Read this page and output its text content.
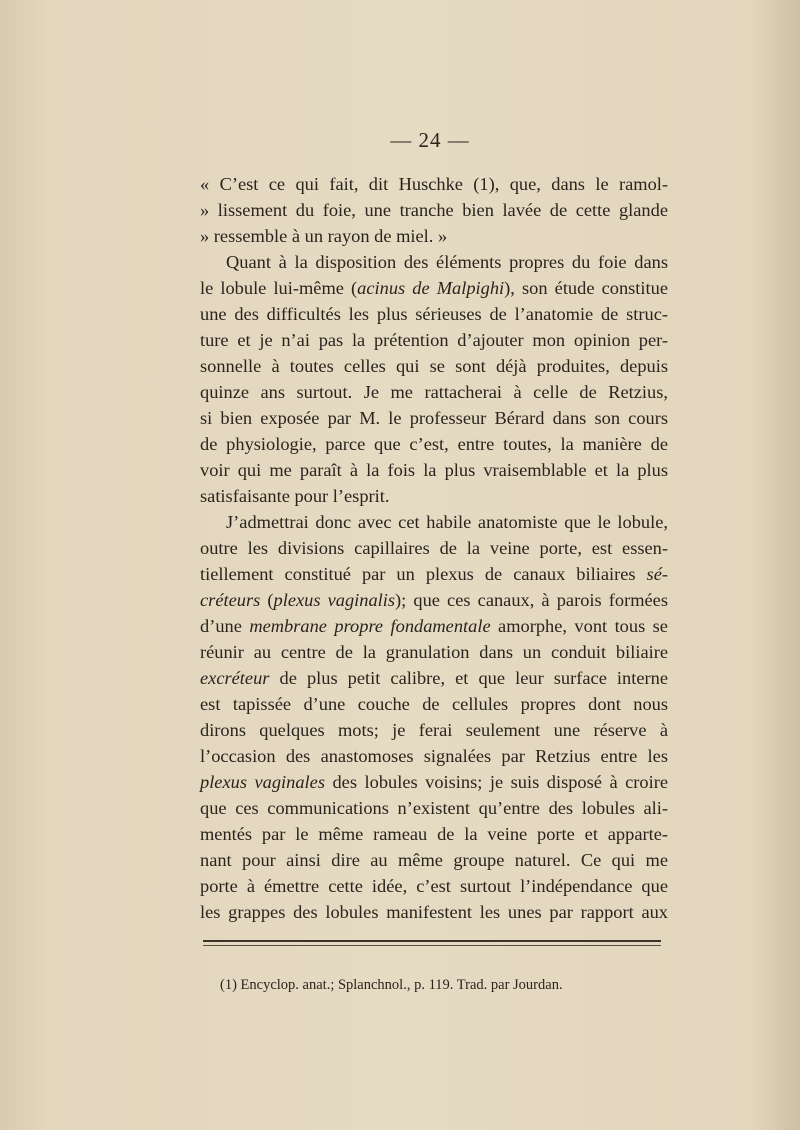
— 24 —
« C’est ce qui fait, dit Huschke (1), que, dans le ramol-
» lissement du foie, une tranche bien lavée de cette glande
» ressemble à un rayon de miel. »
Quant à la disposition des éléments propres du foie dans
le lobule lui-même (acinus de Malpighi), son étude constitue
une des difficultés les plus sérieuses de l’anatomie de struc-
ture et je n’ai pas la prétention d’ajouter mon opinion per-
sonnelle à toutes celles qui se sont déjà produites, depuis
quinze ans surtout. Je me rattacherai à celle de Retzius,
si bien exposée par M. le professeur Bérard dans son cours
de physiologie, parce que c’est, entre toutes, la manière de
voir qui me paraît à la fois la plus vraisemblable et la plus
satisfaisante pour l’esprit.
J’admettrai donc avec cet habile anatomiste que le lobule,
outre les divisions capillaires de la veine porte, est essen-
tiellement constitué par un plexus de canaux biliaires sé-
créteurs (plexus vaginalis); que ces canaux, à parois formées
d’une membrane propre fondamentale amorphe, vont tous se
réunir au centre de la granulation dans un conduit biliaire
excréteur de plus petit calibre, et que leur surface interne
est tapissée d’une couche de cellules propres dont nous
dirons quelques mots; je ferai seulement une réserve à
l’occasion des anastomoses signalées par Retzius entre les
plexus vaginales des lobules voisins; je suis disposé à croire
que ces communications n’existent qu’entre des lobules ali-
mentés par le même rameau de la veine porte et apparte-
nant pour ainsi dire au même groupe naturel. Ce qui me
porte à émettre cette idée, c’est surtout l’indépendance que
les grappes des lobules manifestent les unes par rapport aux
(1) Encyclop. anat.; Splanchnol., p. 119. Trad. par Jourdan.
